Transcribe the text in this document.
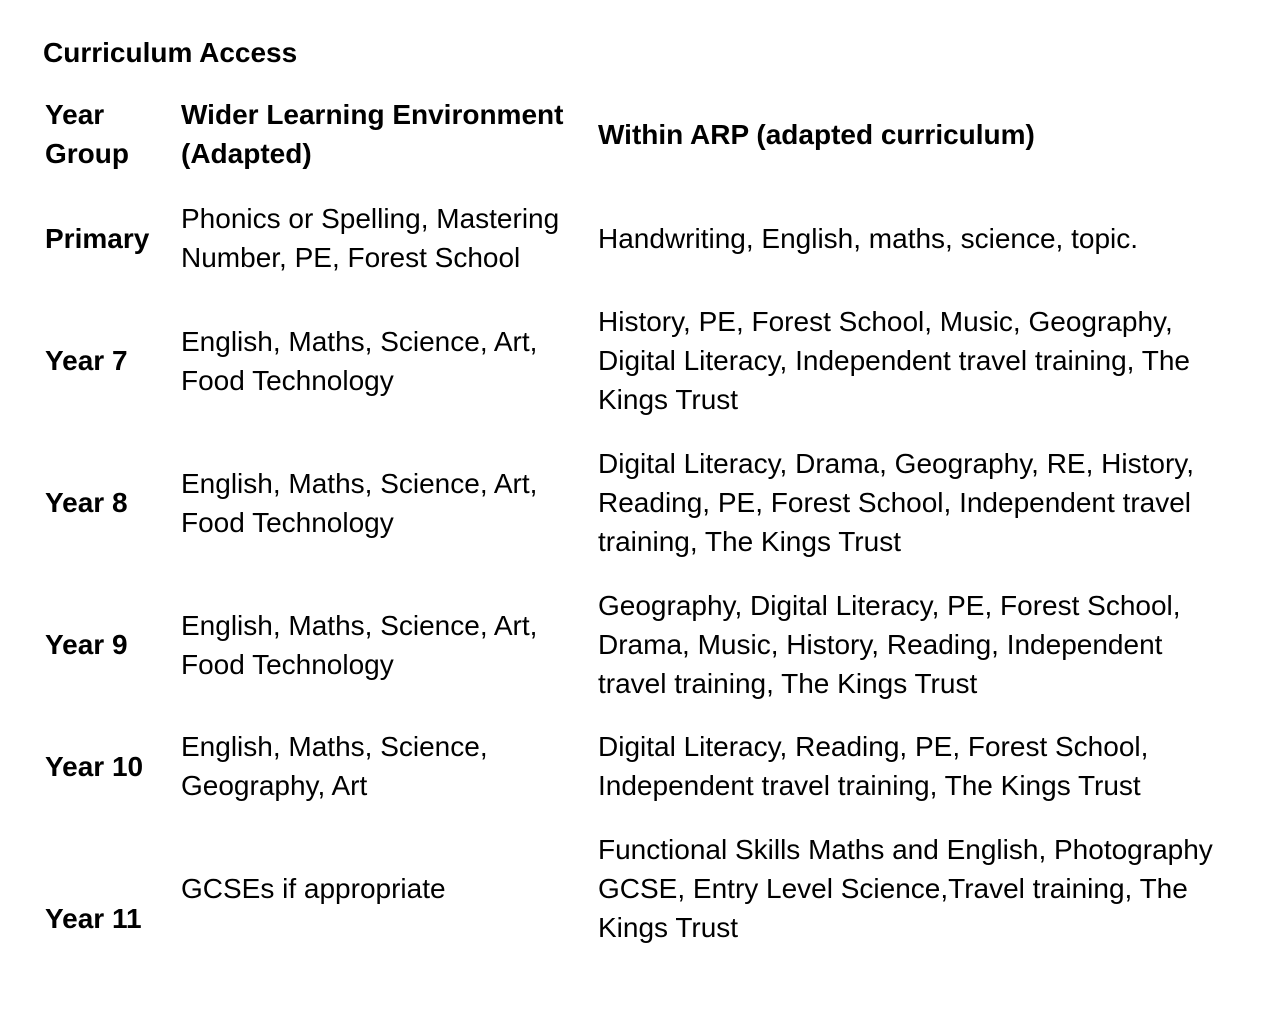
Curriculum Access
Year
Group
Wider Learning Environment
(Adapted)
Within ARP (adapted curriculum)
Primary
Phonics or Spelling, Mastering
Number, PE, Forest School
Handwriting, English, maths, science, topic.
Year 7
English, Maths, Science, Art,
Food Technology
History, PE, Forest School, Music, Geography,
Digital Literacy, Independent travel training, The
Kings Trust
Year 8
English, Maths, Science, Art,
Food Technology
Digital Literacy, Drama, Geography, RE, History,
Reading, PE, Forest School, Independent travel
training, The Kings Trust
Year 9
English, Maths, Science, Art,
Food Technology
Geography, Digital Literacy, PE, Forest School,
Drama, Music, History, Reading, Independent
travel training, The Kings Trust
Year 10
English, Maths, Science,
Geography, Art
Digital Literacy, Reading, PE, Forest School,
Independent travel training, The Kings Trust
Year 11
GCSEs if appropriate
Functional Skills Maths and English, Photography
GCSE, Entry Level Science,Travel training, The
Kings Trust
